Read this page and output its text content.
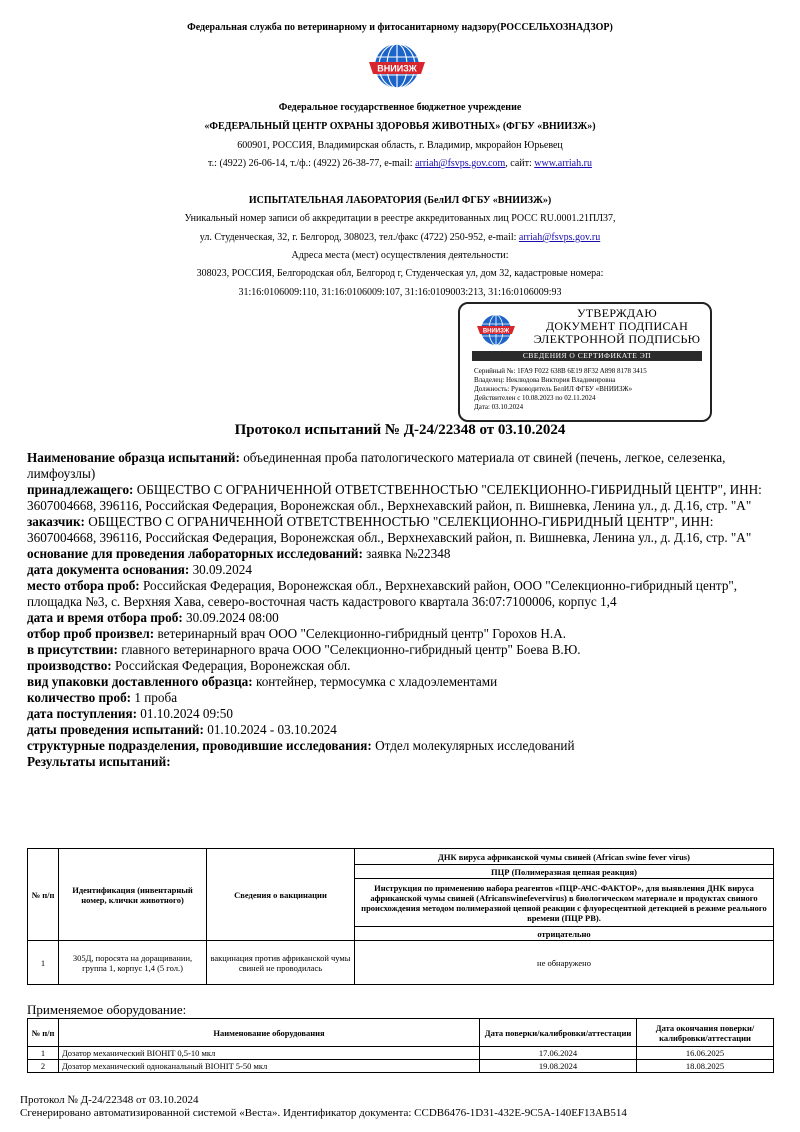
Федеральная служба по ветеринарному и фитосанитарному надзору(РОССЕЛЬХОЗНАДЗОР)
ВНИИЗЖ
Федеральное государственное бюджетное учреждение
«ФЕДЕРАЛЬНЫЙ ЦЕНТР ОХРАНЫ ЗДОРОВЬЯ ЖИВОТНЫХ» (ФГБУ «ВНИИЗЖ»)
600901, РОССИЯ, Владимирская область, г. Владимир, мкрорайон Юрьевец
т.: (4922) 26-06-14, т./ф.: (4922) 26-38-77, e-mail: arriah@fsvps.gov.com, сайт: www.arriah.ru
ИСПЫТАТЕЛЬНАЯ ЛАБОРАТОРИЯ (БелИЛ ФГБУ «ВНИИЗЖ»)
Уникальный номер записи об аккредитации в реестре аккредитованных лиц РОСС RU.0001.21ПЛ37,
ул. Студенческая, 32, г. Белгород, 308023, тел./факс (4722) 250-952, e-mail: arriah@fsvps.gov.ru
Адреса места (мест) осуществления деятельности:
308023, РОССИЯ, Белгородская обл, Белгород г, Студенческая ул, дом 32, кадастровые номера:
31:16:0106009:110, 31:16:0106009:107, 31:16:0109003:213, 31:16:0106009:93
ВНИИЗЖ
УТВЕРЖДАЮ
ДОКУМЕНТ ПОДПИСАН
ЭЛЕКТРОННОЙ ПОДПИСЬЮ
СВЕДЕНИЯ О СЕРТИФИКАТЕ ЭП
Серийный №: 1FA9 F022 638B 6E19 8F32 A898 8178 3415
Владелец: Неклюдова Виктория Владимировна
Должность: Руководитель БелИЛ ФГБУ «ВНИИЗЖ»
Действителен с 10.08.2023 по 02.11.2024
Дата: 03.10.2024
Протокол испытаний № Д-24/22348 от 03.10.2024

Наименование образца испытаний: объединенная проба патологического материала от свиней (печень, легкое, селезенка, лимфоузлы)

принадлежащего: ОБЩЕСТВО С ОГРАНИЧЕННОЙ ОТВЕТСТВЕННОСТЬЮ "СЕЛЕКЦИОННО-ГИБРИДНЫЙ ЦЕНТР", ИНН: 3607004668, 396116, Российская Федерация, Воронежская обл., Верхнехавский район, п. Вишневка, Ленина ул., д. Д.16, стр. "А"

заказчик: ОБЩЕСТВО С ОГРАНИЧЕННОЙ ОТВЕТСТВЕННОСТЬЮ "СЕЛЕКЦИОННО-ГИБРИДНЫЙ ЦЕНТР", ИНН: 3607004668, 396116, Российская Федерация, Воронежская обл., Верхнехавский район, п. Вишневка, Ленина ул., д. Д.16, стр. "А"

основание для проведения лабораторных исследований: заявка №22348

дата документа основания: 30.09.2024

место отбора проб: Российская Федерация, Воронежская обл., Верхнехавский район, ООО "Селекционно-гибридный центр", площадка №3, с. Верхняя Хава, северо-восточная часть кадастрового квартала 36:07:7100006, корпус 1,4

дата и время отбора проб: 30.09.2024 08:00

отбор проб произвел: ветеринарный врач ООО "Селекционно-гибридный центр" Горохов Н.А.

в присутствии: главного ветеринарного врача ООО "Селекционно-гибридный центр" Боева В.Ю.

производство: Российская Федерация, Воронежская обл.

вид упаковки доставленного образца: контейнер, термосумка с хладоэлементами

количество проб: 1 проба

дата поступления: 01.10.2024 09:50

даты проведения испытаний: 01.10.2024 - 03.10.2024

структурные подразделения, проводившие исследования: Отдел молекулярных исследований

Результаты испытаний:

№ п/п	Идентификация (инвентарный номер, клички животного)	Сведения о вакцинации	ДНК вируса африканской чумы свиней (African swine fever virus)
			ПЦР (Полимеразная цепная реакция)
			Инструкция по применению набора реагентов «ПЦР-АЧС-ФАКТОР», для выявления ДНК вируса африканской чумы свиней (Africanswinefevervirus) в биологическом материале и продуктах свиного происхождения методом полимеразной цепной реакции с флуоресцентной детекцией в режиме реального времени (ПЦР РВ).
			отрицательно
1	305Д, поросята на доращивании, группа 1, корпус 1,4 (5 гол.)	вакцинация против африканской чумы свиней не проводилась	не обнаружено
Применяемое оборудование:
№ п/п	Наименование оборудования	Дата поверки/калибровки/аттестации	Дата окончания поверки/калибровки/аттестации
1	Дозатор механический BIOHIT 0,5-10 мкл	17.06.2024	16.06.2025
2	Дозатор механический одноканальный BIOHIT 5-50 мкл	19.08.2024	18.08.2025
Протокол № Д-24/22348 от 03.10.2024
Сгенерировано автоматизированной системой «Веста». Идентификатор документа: CCDB6476-1D31-432E-9C5A-140EF13AB514
